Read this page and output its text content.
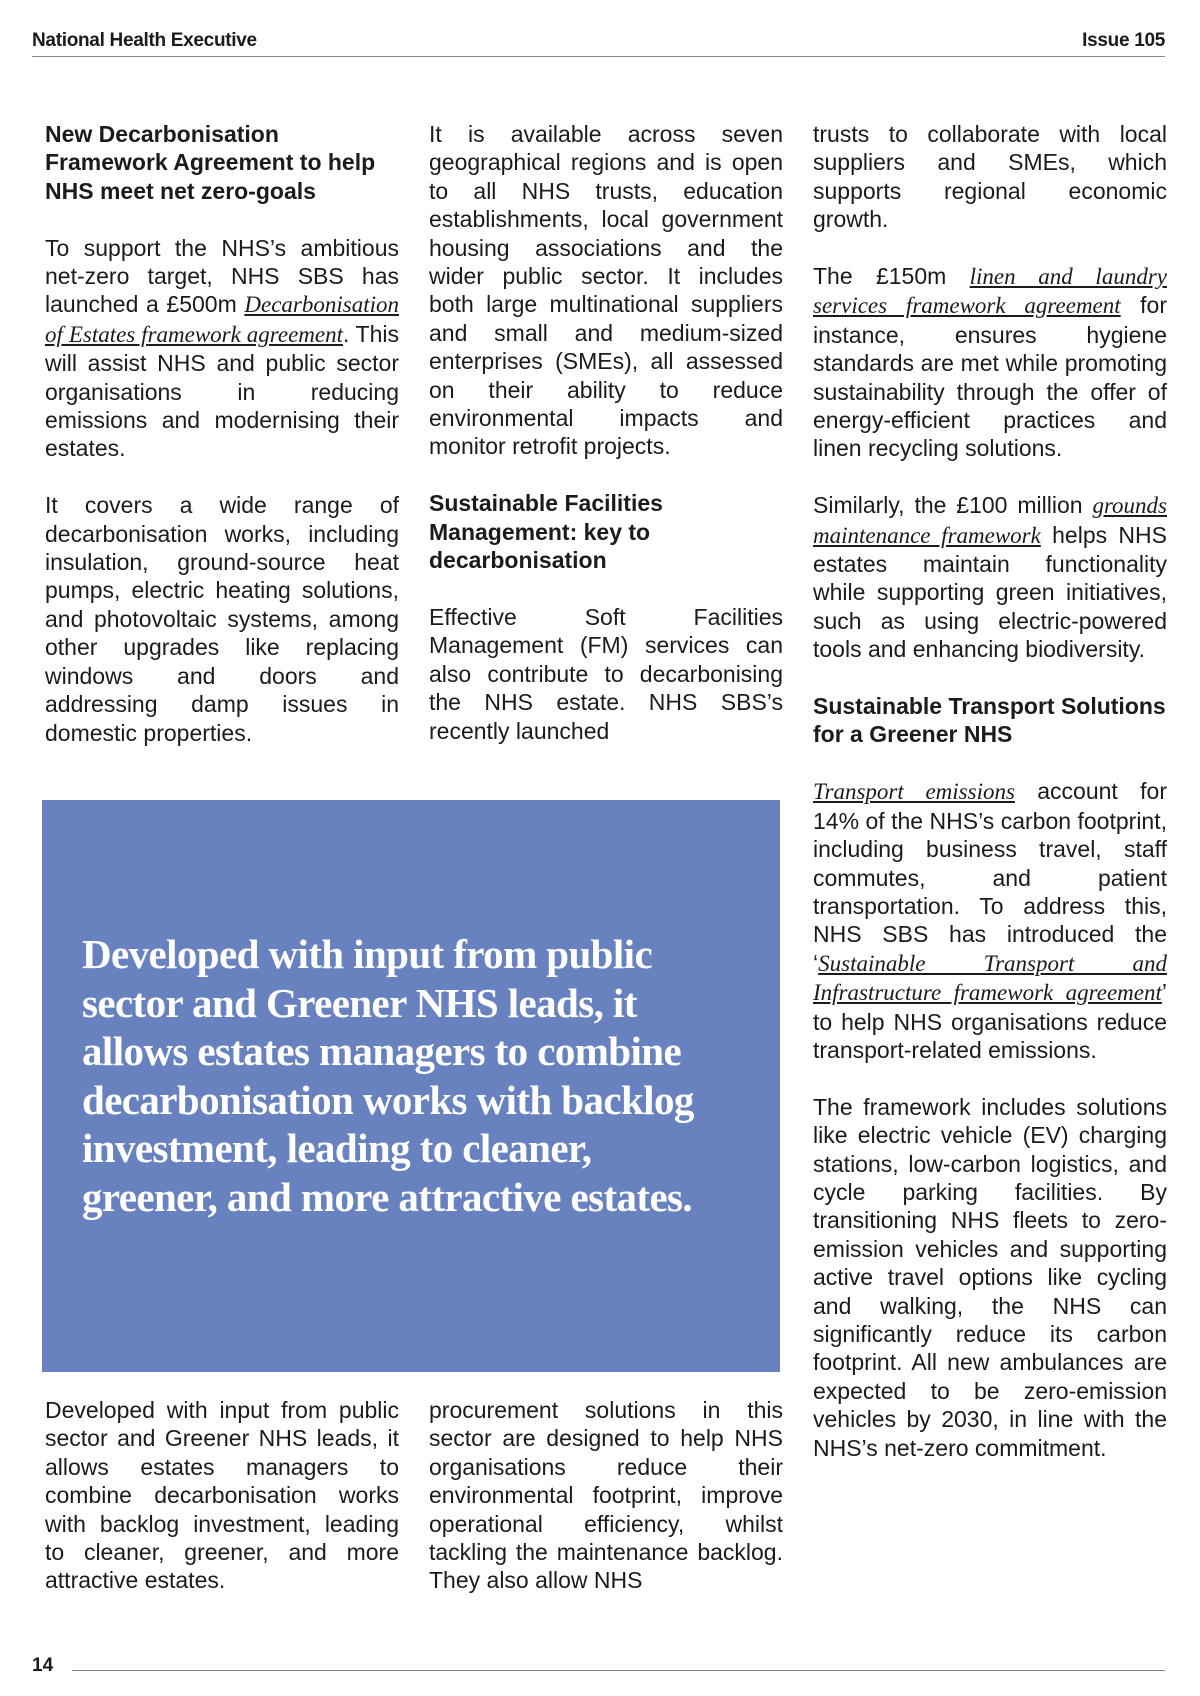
National Health Executive	Issue 105
New Decarbonisation Framework Agreement to help NHS meet net zero-goals

To support the NHS’s ambitious net-zero target, NHS SBS has launched a £500m Decarbonisation of Estates framework agreement. This will assist NHS and public sector organisations in reducing emissions and modernising their estates.

It covers a wide range of decarbonisation works, including insulation, ground-source heat pumps, electric heating solutions, and photovoltaic systems, among other upgrades like replacing windows and doors and addressing damp issues in domestic properties.

It is available across seven geographical regions and is open to all NHS trusts, education establishments, local government housing associations and the wider public sector. It includes both large multinational suppliers and small and medium-sized enterprises (SMEs), all assessed on their ability to reduce environmental impacts and monitor retrofit projects.

Sustainable Facilities Management: key to decarbonisation

Effective Soft Facilities Management (FM) services can also contribute to decarbonising the NHS estate. NHS SBS’s recently launched

trusts to collaborate with local suppliers and SMEs, which supports regional economic growth.

The £150m linen and laundry services framework agreement for instance, ensures hygiene standards are met while promoting sustainability through the offer of energy-efficient practices and linen recycling solutions.

Similarly, the £100 million grounds maintenance framework helps NHS estates maintain functionality while supporting green initiatives, such as using electric-powered tools and enhancing biodiversity.

Sustainable Transport Solutions for a Greener NHS

Transport emissions account for 14% of the NHS’s carbon footprint, including business travel, staff commutes, and patient transportation. To address this, NHS SBS has introduced the ‘Sustainable Transport and Infrastructure framework agreement’ to help NHS organisations reduce transport-related emissions.

The framework includes solutions like electric vehicle (EV) charging stations, low-carbon logistics, and cycle parking facilities. By transitioning NHS fleets to zero-emission vehicles and supporting active travel options like cycling and walking, the NHS can significantly reduce its carbon footprint. All new ambulances are expected to be zero-emission vehicles by 2030, in line with the NHS’s net-zero commitment.

Developed with input from public sector and Greener NHS leads, it allows estates managers to combine decarbonisation works with backlog investment, leading to cleaner, greener, and more attractive estates.

Developed with input from public sector and Greener NHS leads, it allows estates managers to combine decarbonisation works with backlog investment, leading to cleaner, greener, and more attractive estates.

procurement solutions in this sector are designed to help NHS organisations reduce their environmental footprint, improve operational efficiency, whilst tackling the maintenance backlog. They also allow NHS

14
